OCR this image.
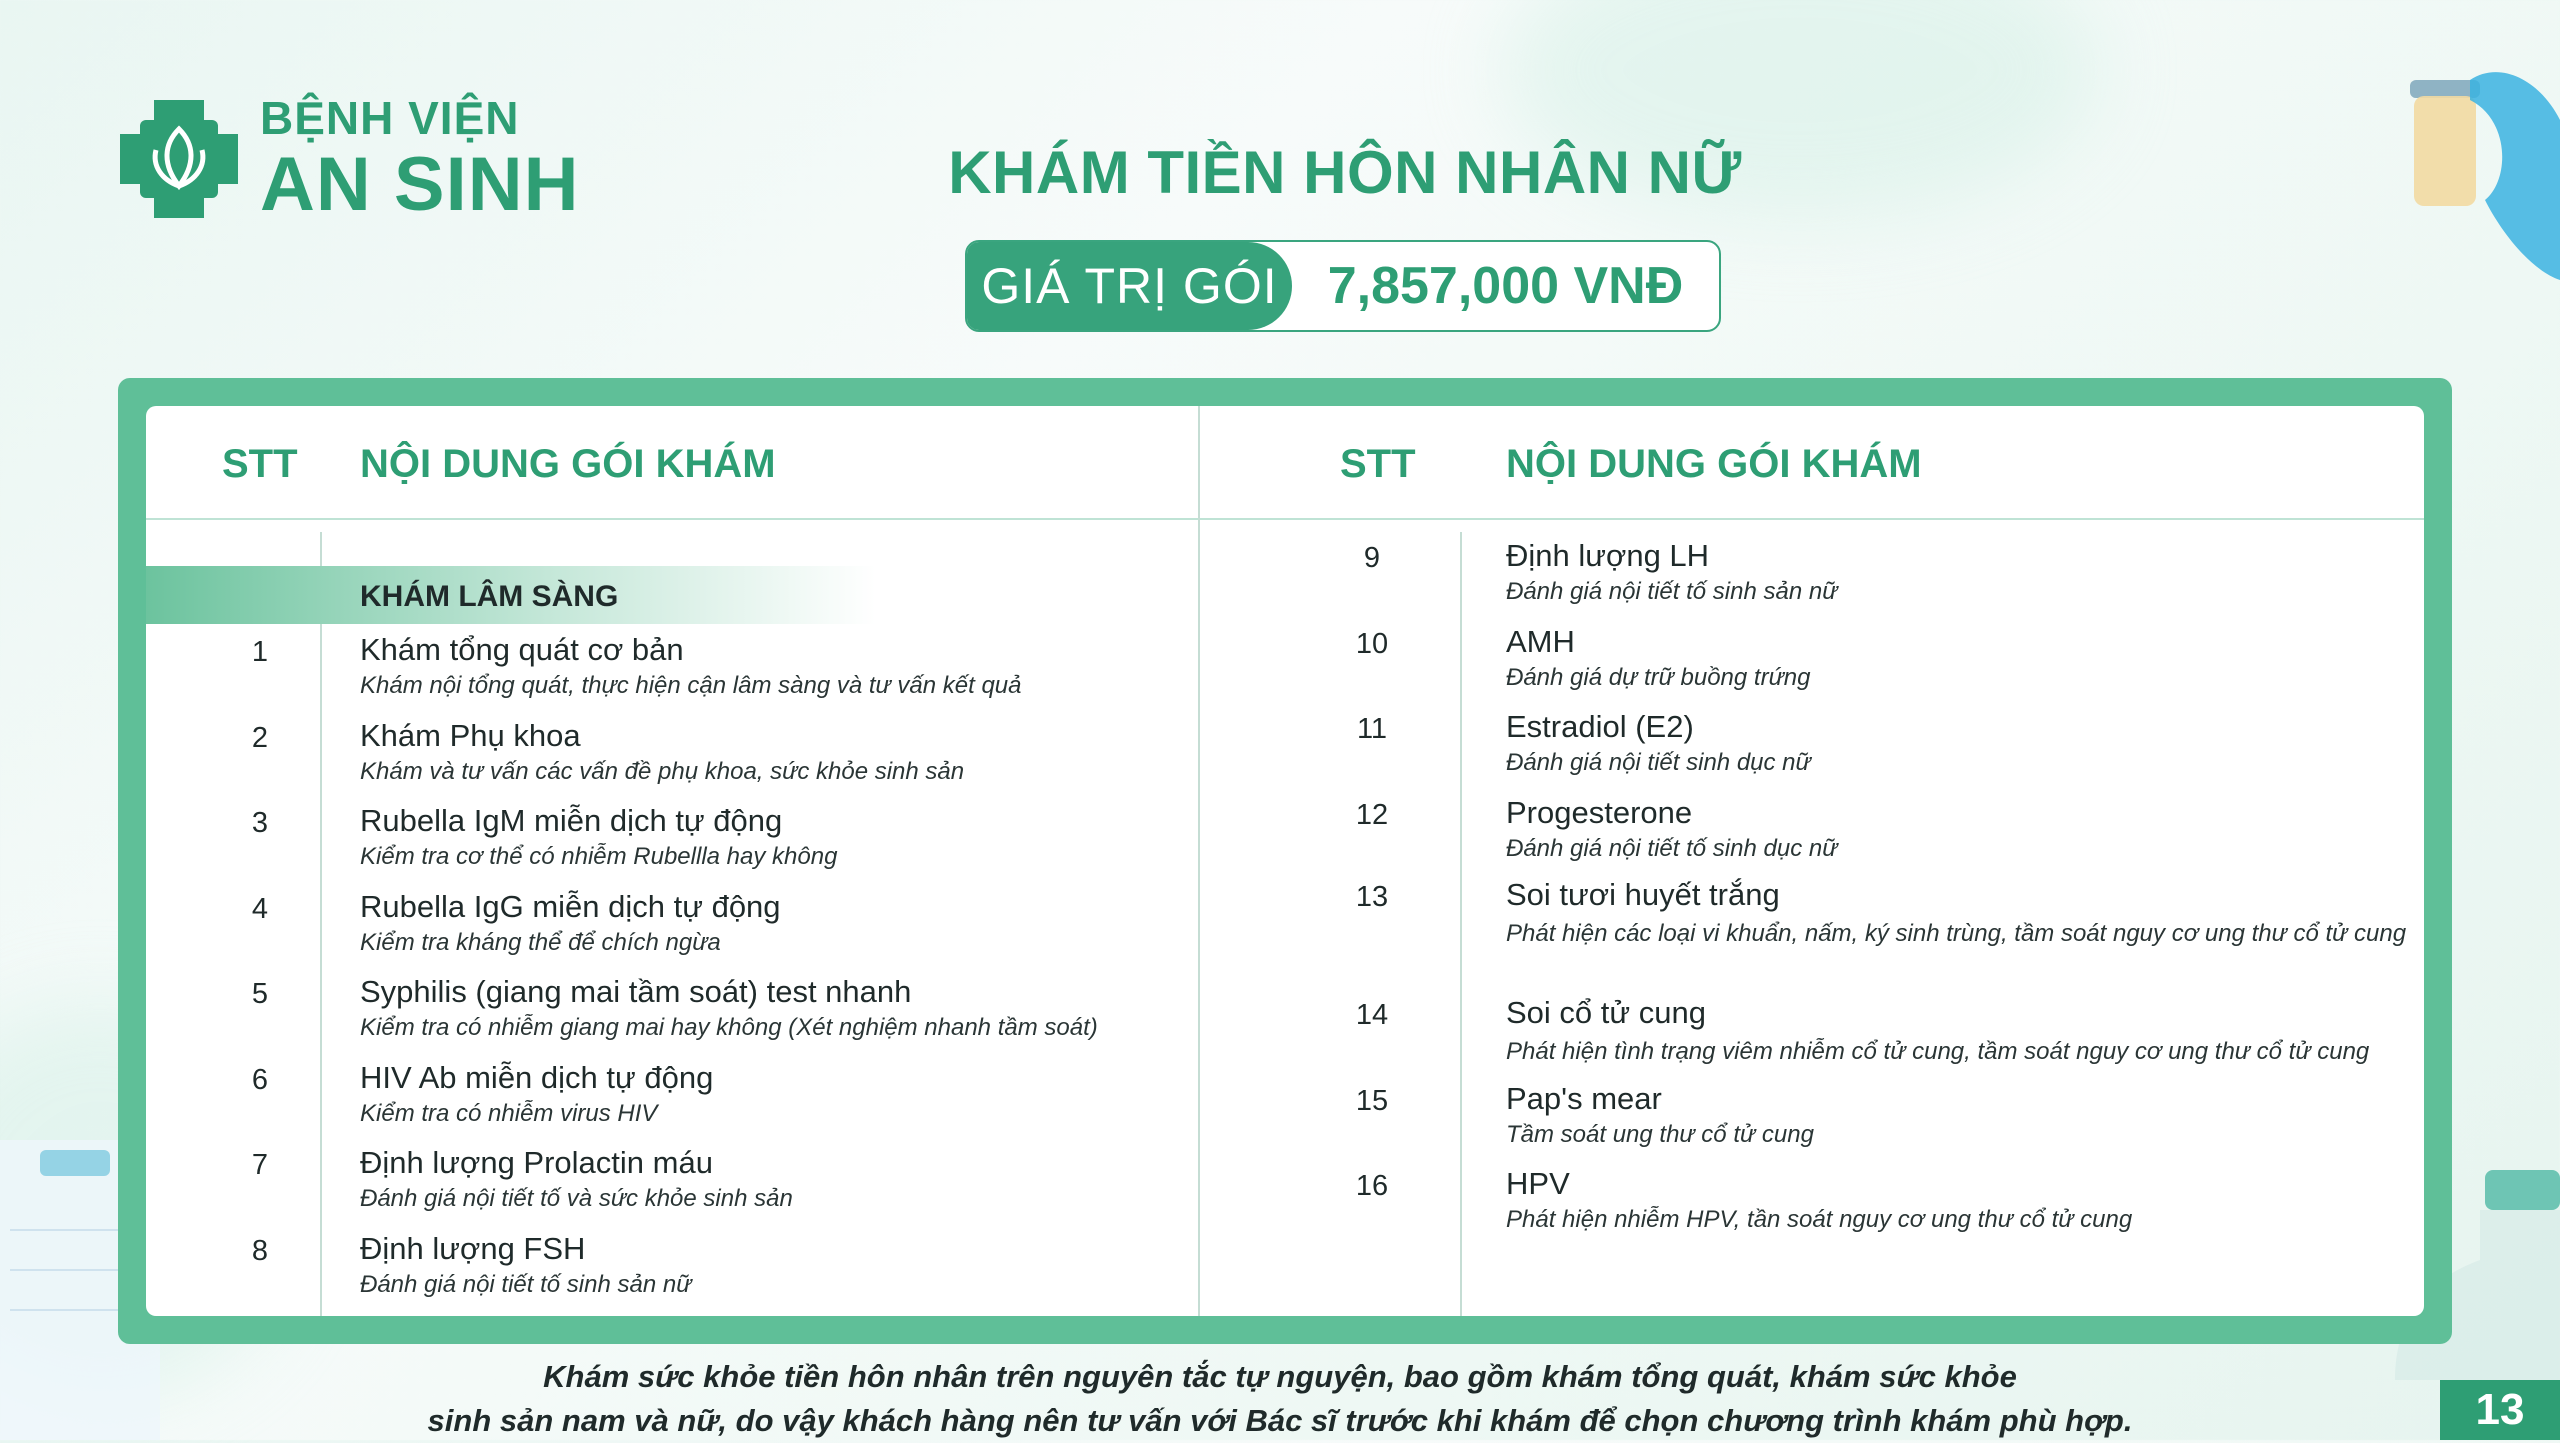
BỆNH VIỆN
AN SINH	KHÁM TIỀN HÔN NHÂN NỮ
GIÁ TRỊ GÓI 7,857,000 VNĐ
STT NỘI DUNG GÓI KHÁM	STT NỘI DUNG GÓI KHÁM
KHÁM LÂM SÀNG
1	Khám tổng quát cơ bản
Khám nội tổng quát, thực hiện cận lâm sàng và tư vấn kết quả
2	Khám Phụ khoa
Khám và tư vấn các vấn đề phụ khoa, sức khỏe sinh sản
3	Rubella IgM miễn dịch tự động
Kiểm tra cơ thể có nhiễm Rubellla hay không
4	Rubella IgG miễn dịch tự động
Kiểm tra kháng thể để chích ngừa
5	Syphilis (giang mai tầm soát) test nhanh
Kiểm tra có nhiễm giang mai hay không (Xét nghiệm nhanh tầm soát)
6	HIV Ab miễn dịch tự động
Kiểm tra có nhiễm virus HIV
7	Định lượng Prolactin máu
Đánh giá nội tiết tố và sức khỏe sinh sản
8	Định lượng FSH
Đánh giá nội tiết tố sinh sản nữ
9	Định lượng LH
Đánh giá nội tiết tố sinh sản nữ
10	AMH
Đánh giá dự trữ buồng trứng
11	Estradiol (E2)
Đánh giá nội tiết sinh dục nữ
12	Progesterone
Đánh giá nội tiết tố sinh dục nữ
13	Soi tươi huyết trắng
Phát hiện các loại vi khuẩn, nấm, ký sinh trùng, tầm soát nguy cơ ung thư cổ tử cung
14	Soi cổ tử cung
Phát hiện tình trạng viêm nhiễm cổ tử cung, tầm soát nguy cơ ung thư cổ tử cung
15	Pap's mear
Tầm soát ung thư cổ tử cung
16	HPV
Phát hiện nhiễm HPV, tần soát nguy cơ ung thư cổ tử cung
Khám sức khỏe tiền hôn nhân trên nguyên tắc tự nguyện, bao gồm khám tổng quát, khám sức khỏe
sinh sản nam và nữ, do vậy khách hàng nên tư vấn với Bác sĩ trước khi khám để chọn chương trình khám phù hợp.	13
